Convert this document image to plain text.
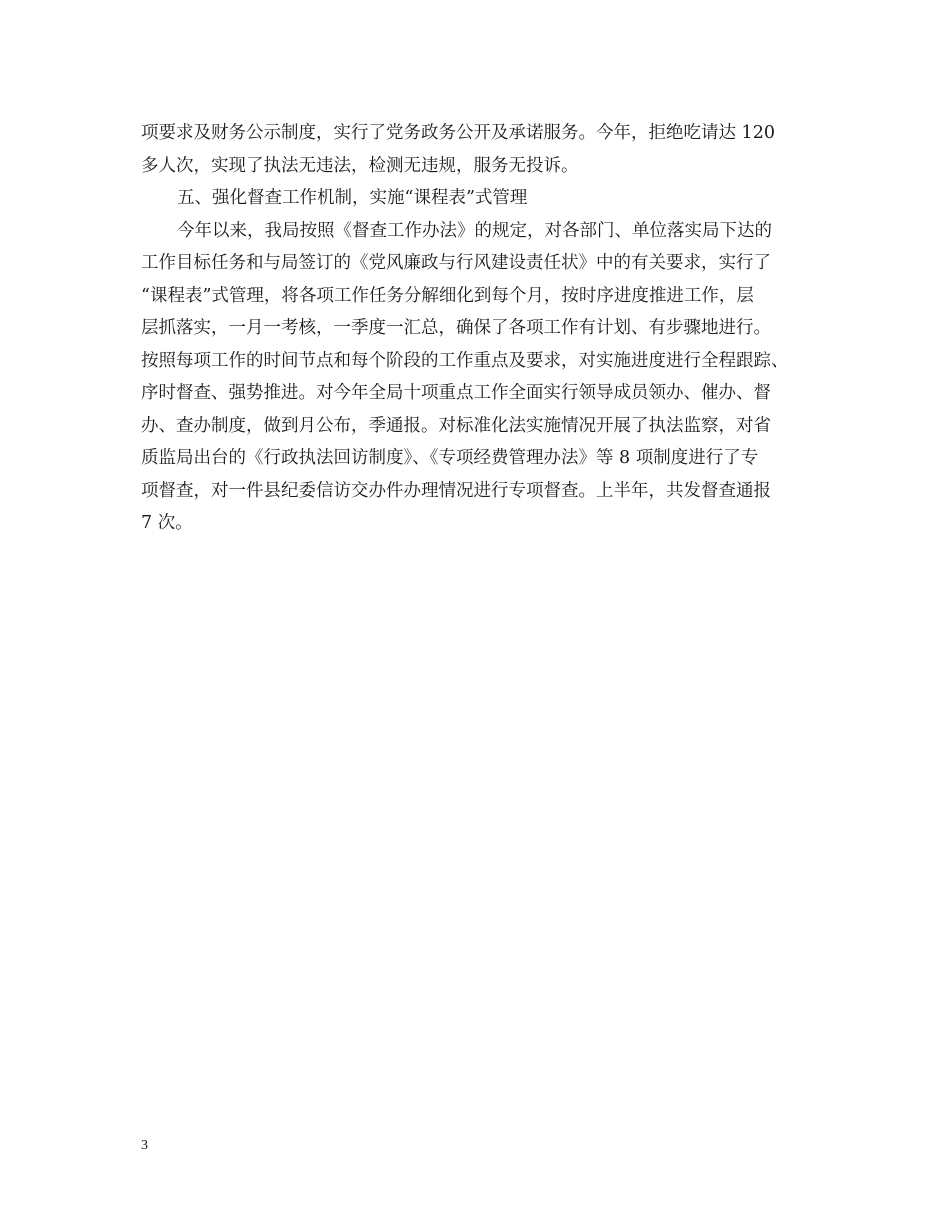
项要求及财务公示制度，实行了党务政务公开及承诺服务。今年，拒绝吃请达 120
多人次，实现了执法无违法，检测无违规，服务无投诉。
五、强化督查工作机制，实施“课程表”式管理
今年以来，我局按照《督查工作办法》的规定，对各部门、单位落实局下达的
工作目标任务和与局签订的《党风廉政与行风建设责任状》中的有关要求，实行了
“课程表”式管理，将各项工作任务分解细化到每个月，按时序进度推进工作，层
层抓落实，一月一考核，一季度一汇总，确保了各项工作有计划、有步骤地进行。
按照每项工作的时间节点和每个阶段的工作重点及要求，对实施进度进行全程跟踪、
序时督查、强势推进。对今年全局十项重点工作全面实行领导成员领办、催办、督
办、查办制度，做到月公布，季通报。对标准化法实施情况开展了执法监察，对省
质监局出台的《行政执法回访制度》、《专项经费管理办法》等 8 项制度进行了专
项督查，对一件县纪委信访交办件办理情况进行专项督查。上半年，共发督查通报
7 次。
3
